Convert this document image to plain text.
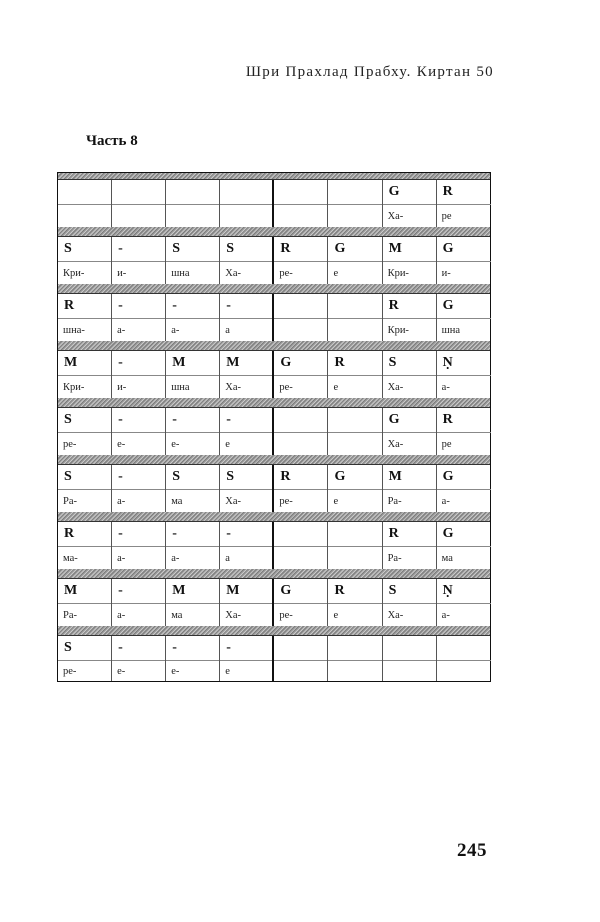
Шри Прахлад Прабху. Киртан 50
Часть 8
G
Ха-
R
ре
S
Кри-
-
и-
S
шна
S
Ха-
R
ре-
G
е
M
Кри-
G
и-
R
шна-
-
а-
-
а-
-
а
R
Кри-
G
шна
M
Кри-
-
и-
M
шна
M
Ха-
G
ре-
R
е
S
Ха-
Ṇ
а-
S
ре-
-
е-
-
е-
-
е
G
Ха-
R
ре
S
Ра-
-
а-
S
ма
S
Ха-
R
ре-
G
е
M
Ра-
G
а-
R
ма-
-
а-
-
а-
-
а
R
Ра-
G
ма
M
Ра-
-
а-
M
ма
M
Ха-
G
ре-
R
е
S
Ха-
Ṇ
а-
S
ре-
-
е-
-
е-
-
е
245
